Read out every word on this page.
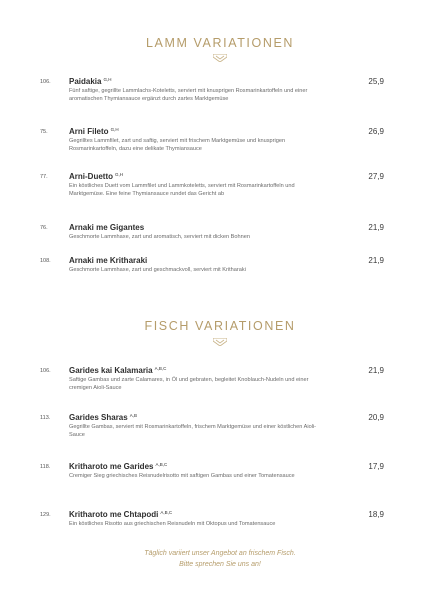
LAMM VARIATIONEN
106.	Paidakia $^{G,H}$
Fünf saftige, gegrillte Lammlachs-Koteletts, serviert mit knusprigen Rosmarinkartoffeln und einer aromatischen Thymiansauce ergänzt durch zartes Marktgemüse
25,9
75.	Arni Fileto $^{G,H}$
Gegrilltes Lammfilet, zart und saftig, serviert mit frischem Marktgemüse und knusprigen Rosmarinkartoffeln, dazu eine delikate Thymiansauce
26,9
77.	Arni-Duetto $^{G,H}$
Ein köstliches Duett vom Lammfilet und Lammkoteletts, serviert mit Rosmarinkartoffeln und Marktgemüse. Eine feine Thymiansauce rundet das Gericht ab
27,9
76.	Arnaki me Gigantes
Geschmorte Lammhaxe, zart und aromatisch, serviert mit dicken Bohnen
21,9
108.	Arnaki me Kritharaki
Geschmorte Lammhaxe, zart und geschmackvoll, serviert mit Kritharaki
21,9
FISCH VARIATIONEN
106.	Garides kai Kalamaria $^{A,B,C}$
Saftige Gambas und zarte Calamares, in Öl und gebraten, begleitet Knoblauch-Nudeln und einer cremigen Aioli-Sauce
21,9
113.	Garides Sharas $^{A,B}$
Gegrillte Gambas, serviert mit Rosmarinkartoffeln, frischem Marktgemüse und einer köstlichen Aioli-Sauce
20,9
118.	Kritharoto me Garides $^{A,B,C}$
Cremiger Sieg griechisches Reisnudelrisotto mit saftigen Gambas und einer Tomatensauce
17,9
129.	Kritharoto me Chtapodi $^{A,B,C}$
Ein köstliches Risotto aus griechischen Reisnudeln mit Oktopus und Tomatensauce
18,9
Täglich variiert unser Angebot an frischem Fisch.
Bitte sprechen Sie uns an!
